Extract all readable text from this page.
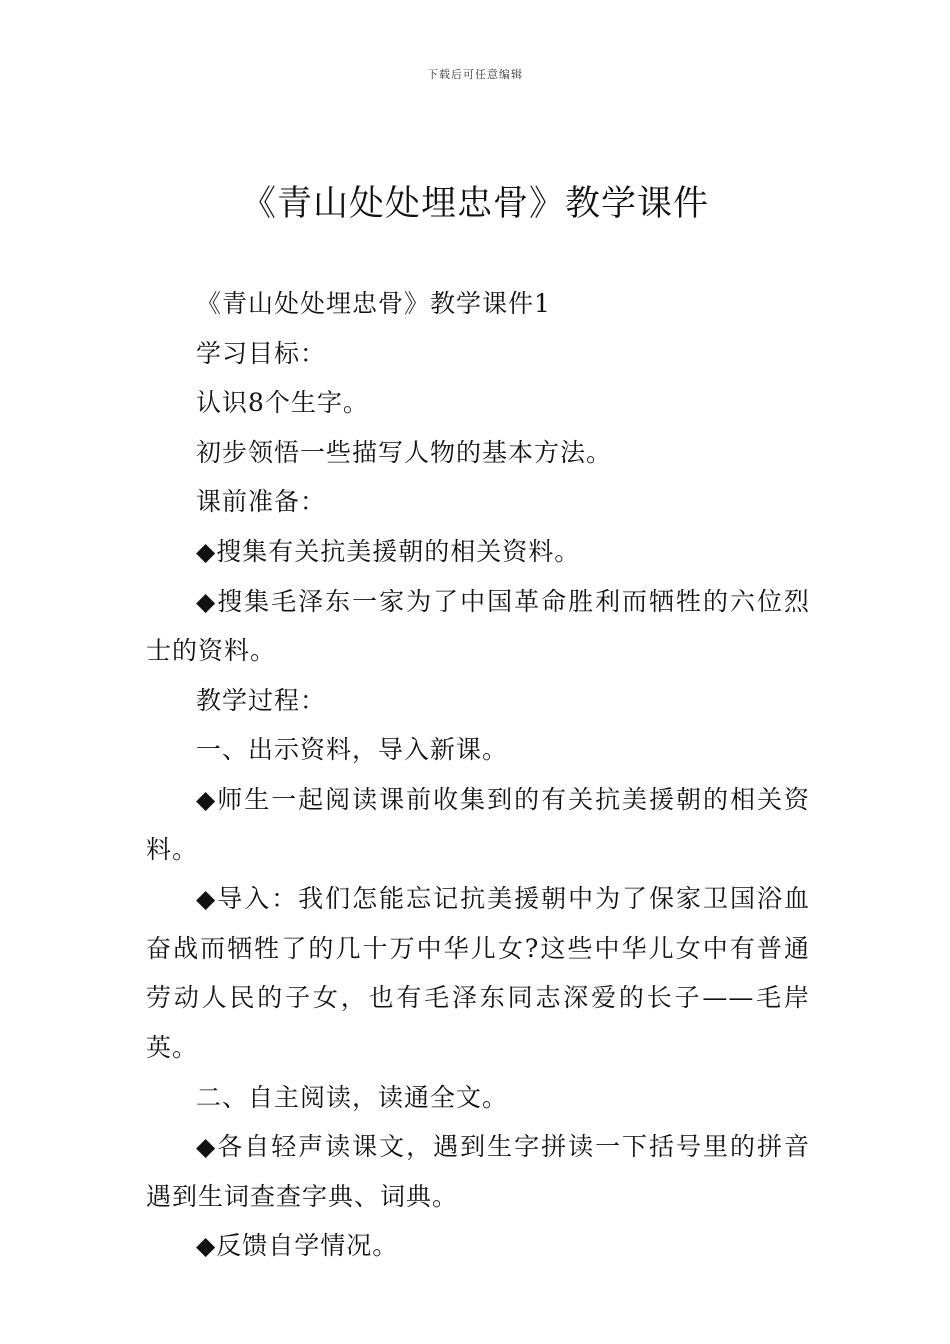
下载后可任意编辑
《青山处处埋忠骨》教学课件

《青山处处埋忠骨》教学课件1

学习目标：

认识8个生字。

初步领悟一些描写人物的基本方法。

课前准备：

◆搜集有关抗美援朝的相关资料。

◆搜集毛泽东一家为了中国革命胜利而牺牲的六位烈士的资料。

教学过程：

一、出示资料，导入新课。

◆师生一起阅读课前收集到的有关抗美援朝的相关资料。

◆导入：我们怎能忘记抗美援朝中为了保家卫国浴血奋战而牺牲了的几十万中华儿女?这些中华儿女中有普通劳动人民的子女，也有毛泽东同志深爱的长子——毛岸英。

二、自主阅读，读通全文。

◆各自轻声读课文，遇到生字拼读一下括号里的拼音遇到生词查查字典、词典。

◆反馈自学情况。
